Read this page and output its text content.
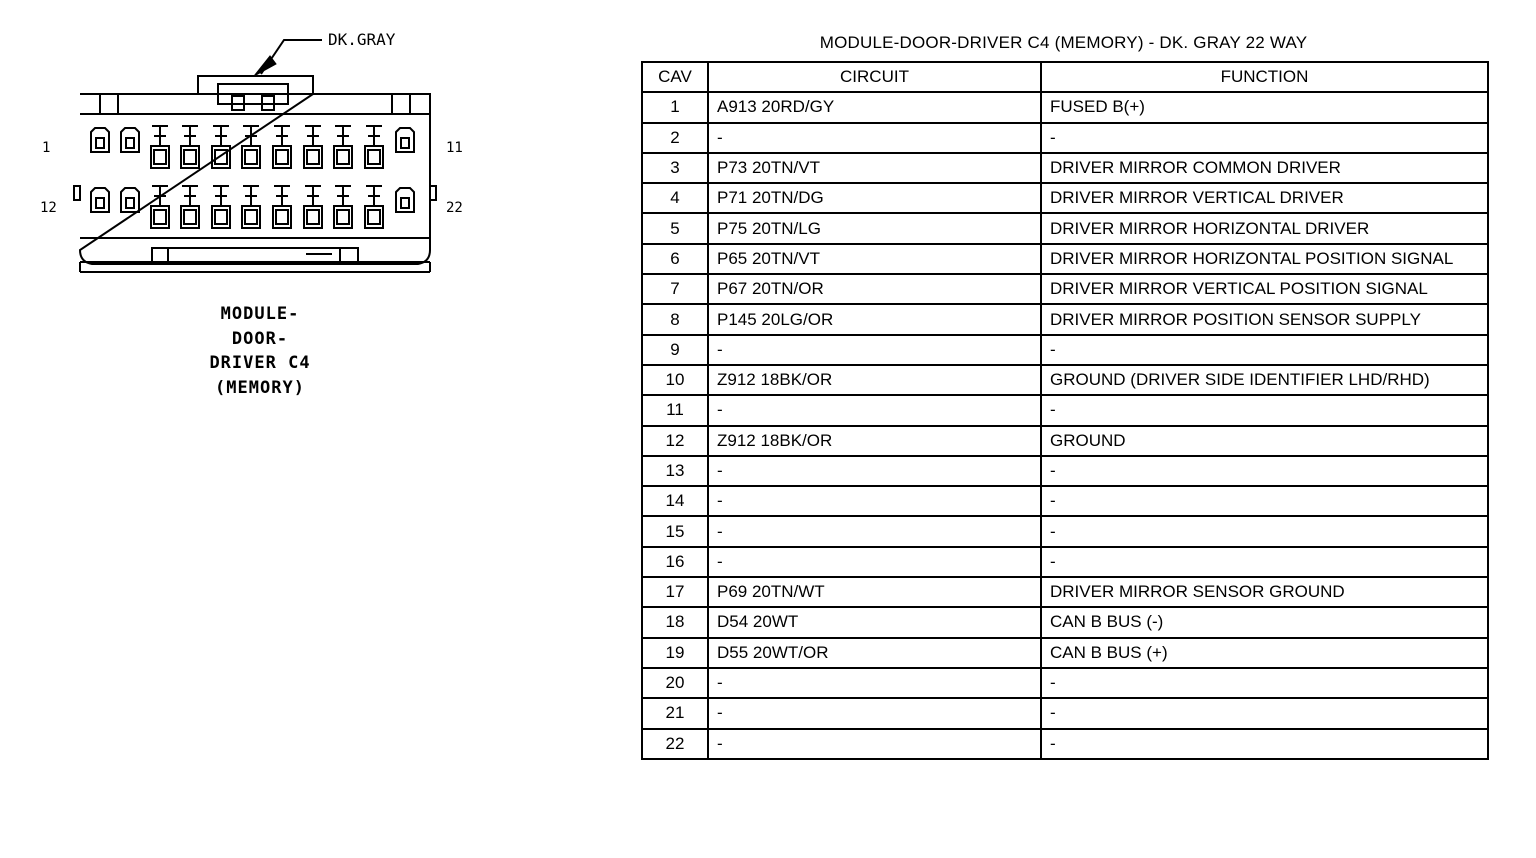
DK.GRAY
1	11
12	22
MODULE-
DOOR-
DRIVER C4
(MEMORY)
MODULE-DOOR-DRIVER C4 (MEMORY) - DK. GRAY 22 WAY
CAV	CIRCUIT	FUNCTION
1	A913 20RD/GY	FUSED B(+)
2	-	-
3	P73 20TN/VT	DRIVER MIRROR COMMON DRIVER
4	P71 20TN/DG	DRIVER MIRROR VERTICAL DRIVER
5	P75 20TN/LG	DRIVER MIRROR HORIZONTAL DRIVER
6	P65 20TN/VT	DRIVER MIRROR HORIZONTAL POSITION SIGNAL
7	P67 20TN/OR	DRIVER MIRROR VERTICAL POSITION SIGNAL
8	P145 20LG/OR	DRIVER MIRROR POSITION SENSOR SUPPLY
9	-	-
10	Z912 18BK/OR	GROUND (DRIVER SIDE IDENTIFIER LHD/RHD)
11	-	-
12	Z912 18BK/OR	GROUND
13	-	-
14	-	-
15	-	-
16	-	-
17	P69 20TN/WT	DRIVER MIRROR SENSOR GROUND
18	D54 20WT	CAN B BUS (-)
19	D55 20WT/OR	CAN B BUS (+)
20	-	-
21	-	-
22	-	-
